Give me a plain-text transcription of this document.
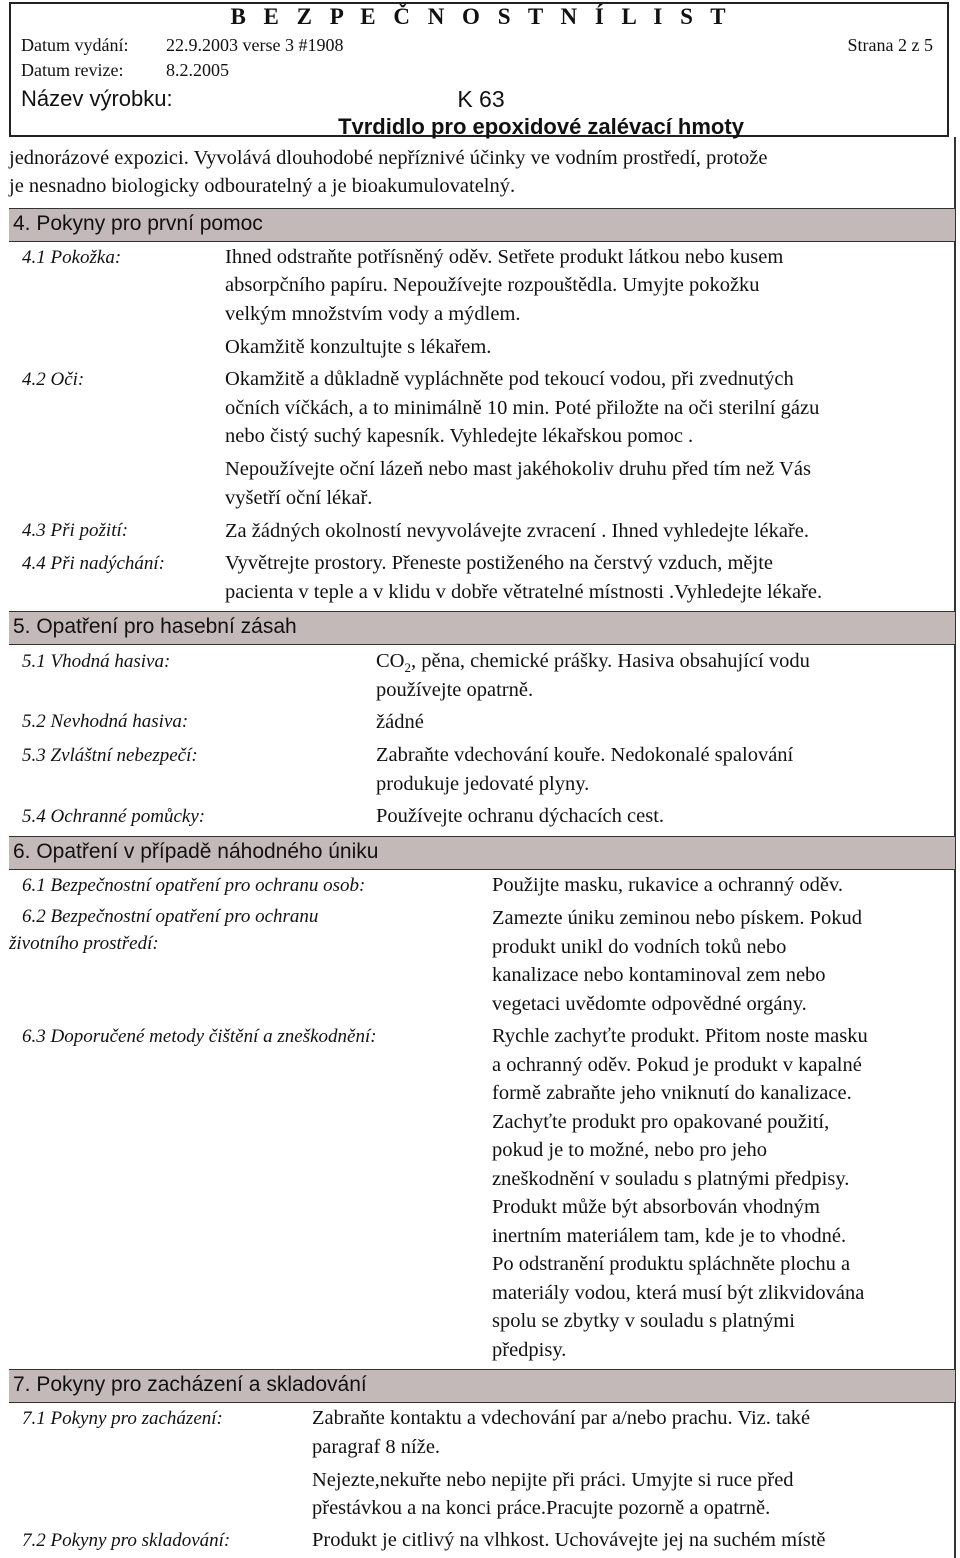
B E Z P E Č N O S T N Í L I S T
Datum vydání: 22.9.2003 verse 3 #1908
Datum revize: 8.2.2005
Strana 2 z 5
Název výrobku:	K 63
Tvrdidlo pro epoxidové zalévací hmoty
jednorázové expozici. Vyvolává dlouhodobé nepříznivé účinky ve vodním prostředí, protože
je nesnadno biologicky odbouratelný a je bioakumulovatelný.
4. Pokyny pro první pomoc
4.1 Pokožka:	Ihned odstraňte potřísněný oděv. Setřete produkt látkou nebo kusem
absorpčního papíru. Nepoužívejte rozpouštědla. Umyjte pokožku
velkým množstvím vody a mýdlem.
Okamžitě konzultujte s lékařem.
4.2 Oči:	Okamžitě a důkladně vypláchněte pod tekoucí vodou, při zvednutých
očních víčkách, a to minimálně 10 min. Poté přiložte na oči sterilní gázu
nebo čistý suchý kapesník. Vyhledejte lékařskou pomoc .
Nepoužívejte oční lázeň nebo mast jakéhokoliv druhu před tím než Vás
vyšetří oční lékař.
4.3 Při požití:	Za žádných okolností nevyvolávejte zvracení . Ihned vyhledejte lékaře.
4.4 Při nadýchání:	Vyvětrejte prostory. Přeneste postiženého na čerstvý vzduch, mějte
pacienta v teple a v klidu v dobře větratelné místnosti .Vyhledejte lékaře.
5. Opatření pro hasební zásah
5.1 Vhodná hasiva:	$CO_2$, pěna, chemické prášky. Hasiva obsahující vodu
používejte opatrně.
5.2 Nevhodná hasiva:	žádné
5.3 Zvláštní nebezpečí:	Zabraňte vdechování kouře. Nedokonalé spalování
produkuje jedovaté plyny.
5.4 Ochranné pomůcky:	Používejte ochranu dýchacích cest.
6. Opatření v případě náhodného úniku
6.1 Bezpečnostní opatření pro ochranu osob:	Použijte masku, rukavice a ochranný oděv.
6.2 Bezpečnostní opatření pro ochranu
životního prostředí:
Zamezte úniku zeminou nebo pískem. Pokud
produkt unikl do vodních toků nebo
kanalizace nebo kontaminoval zem nebo
vegetaci uvědomte odpovědné orgány.
6.3 Doporučené metody čištění a zneškodnění:	Rychle zachyťte produkt. Přitom noste masku
a ochranný oděv. Pokud je produkt v kapalné
formě zabraňte jeho vniknutí do kanalizace.
Zachyťte produkt pro opakované použití,
pokud je to možné, nebo pro jeho
zneškodnění v souladu s platnými předpisy.
Produkt může být absorbován vhodným
inertním materiálem tam, kde je to vhodné.
Po odstranění produktu spláchněte plochu a
materiály vodou, která musí být zlikvidována
spolu se zbytky v souladu s platnými
předpisy.
7. Pokyny pro zacházení a skladování
7.1 Pokyny pro zacházení:	Zabraňte kontaktu a vdechování par a/nebo prachu. Viz. také
paragraf 8 níže.
Nejezte,nekuřte nebo nepijte při práci. Umyjte si ruce před
přestávkou a na konci práce.Pracujte pozorně a opatrně.
7.2 Pokyny pro skladování:	Produkt je citlivý na vlhkost. Uchovávejte jej na suchém místě
